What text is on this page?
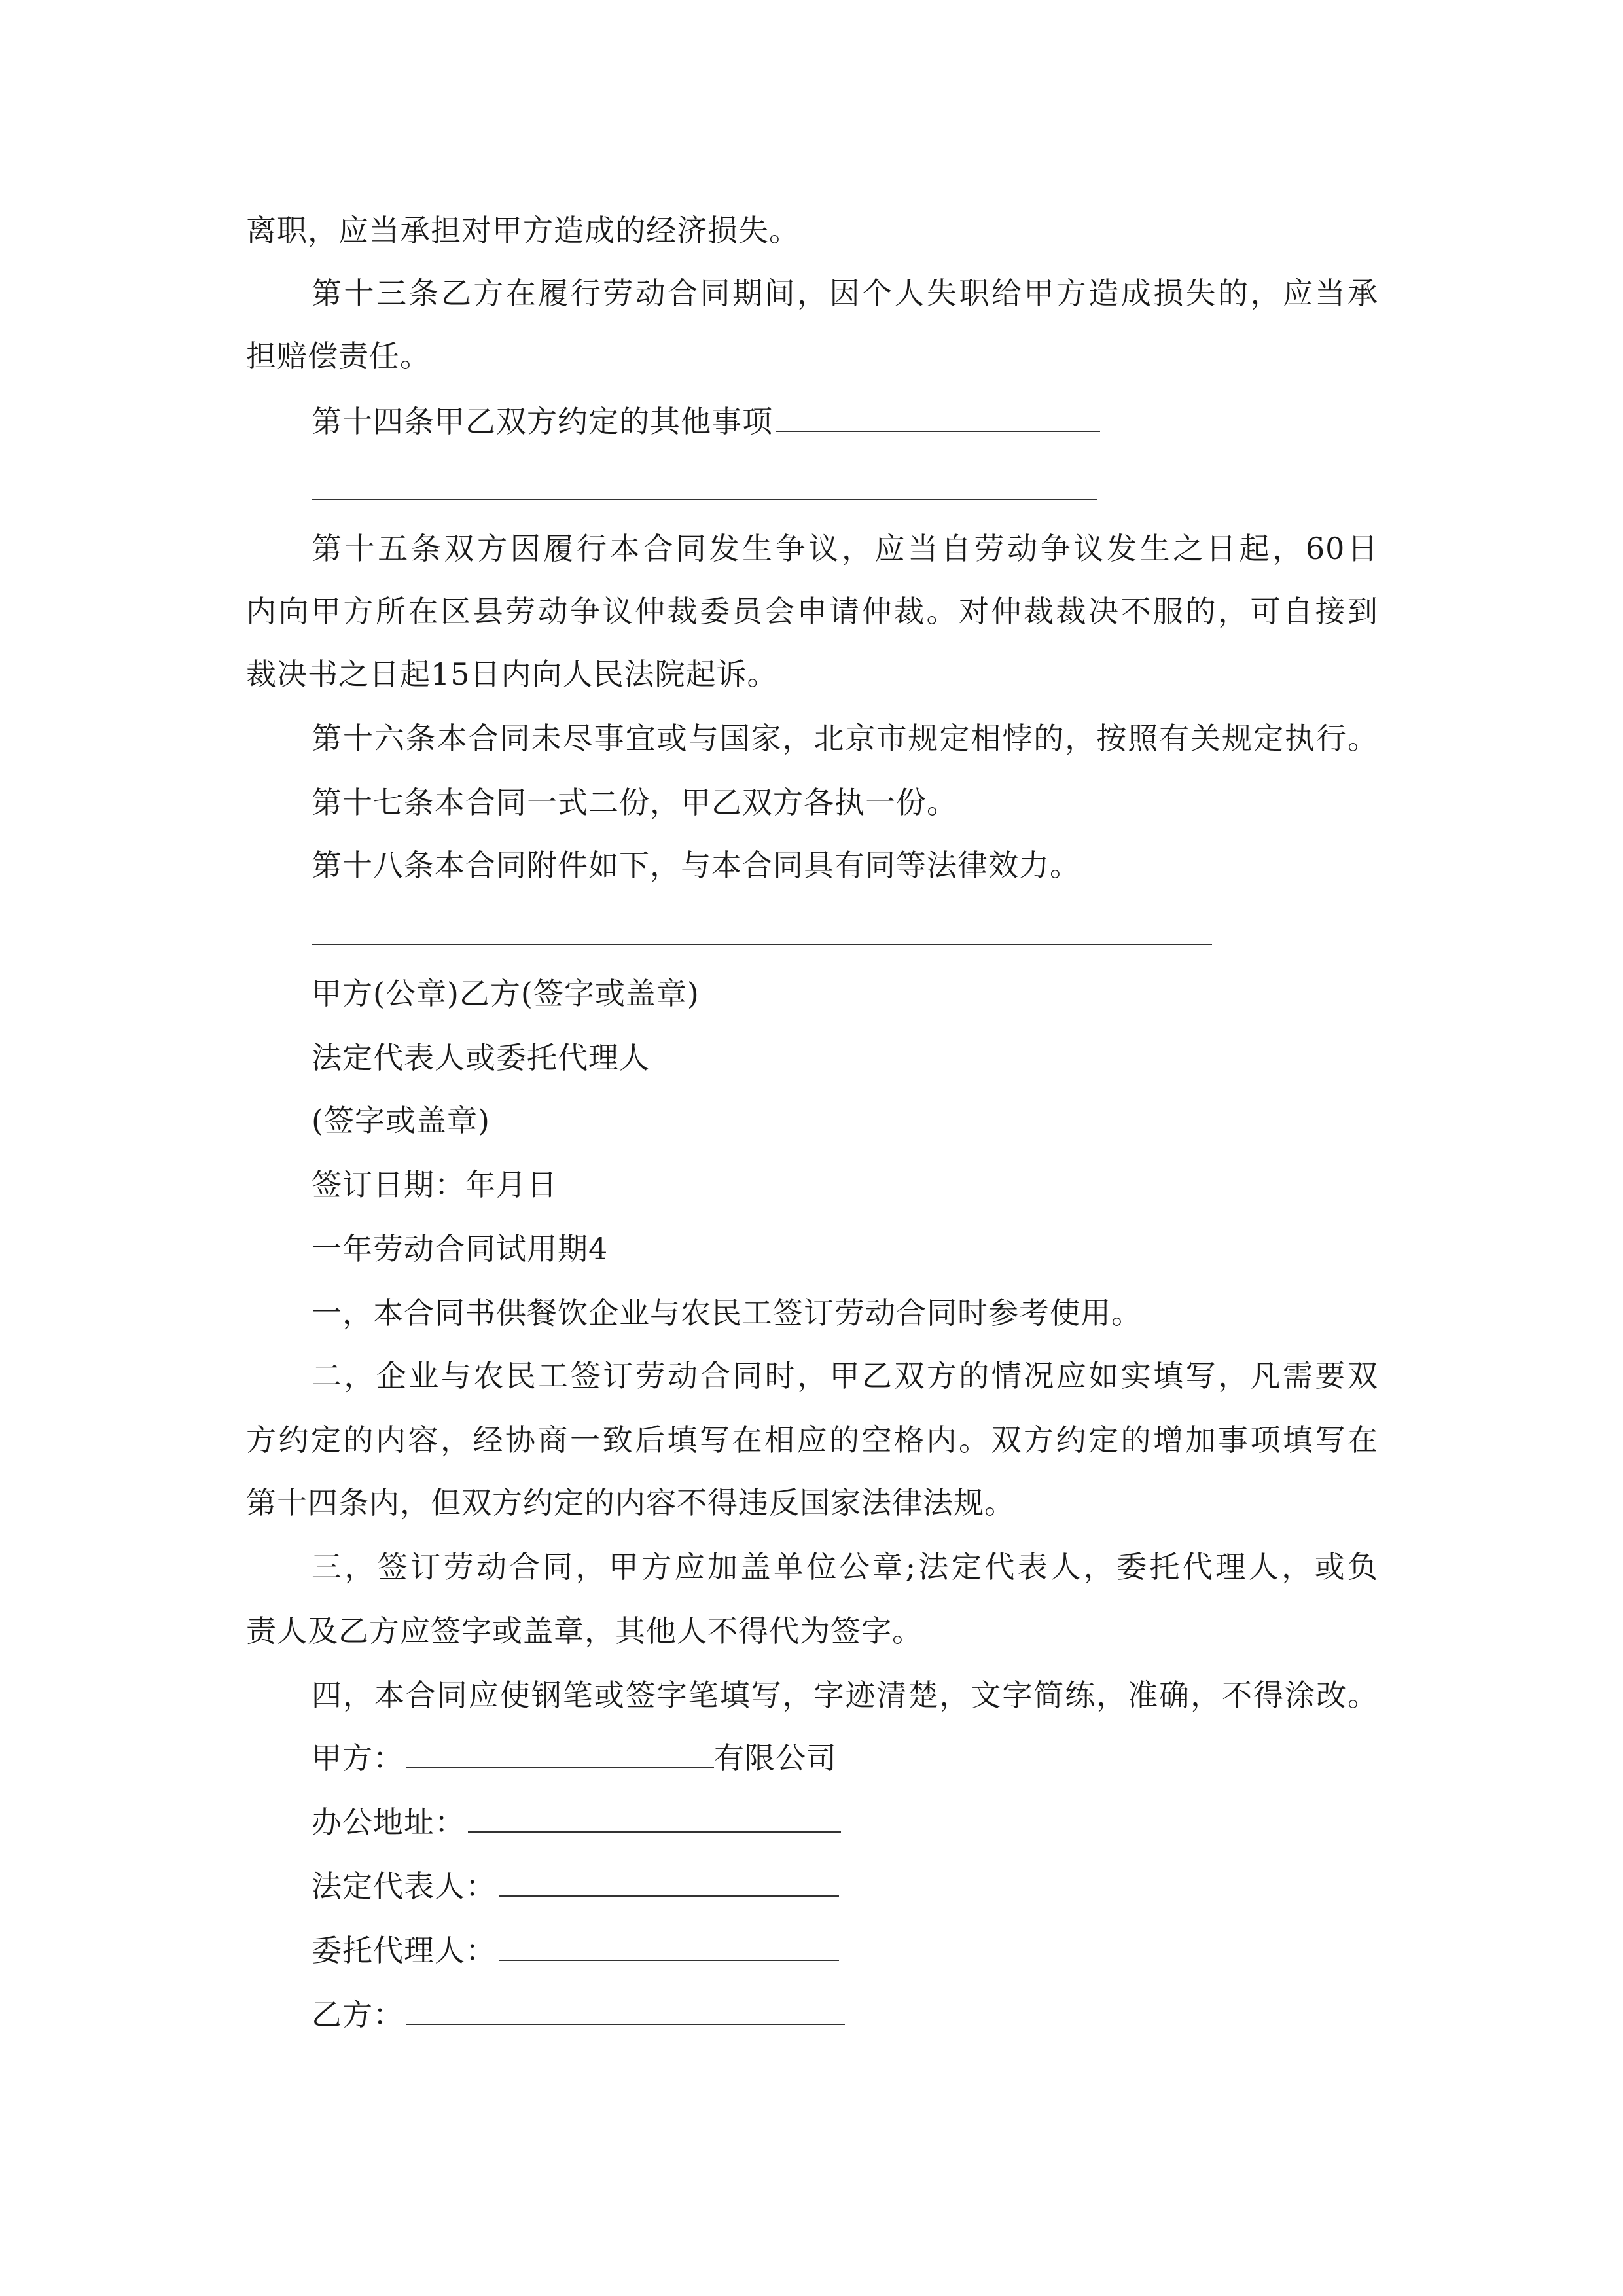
离职，应当承担对甲方造成的经济损失。
第十三条乙方在履行劳动合同期间，因个人失职给甲方造成损失的，应当承
担赔偿责任。
第十四条甲乙双方约定的其他事项
第十五条双方因履行本合同发生争议，应当自劳动争议发生之日起，60日
内向甲方所在区县劳动争议仲裁委员会申请仲裁。对仲裁裁决不服的，可自接到
裁决书之日起15日内向人民法院起诉。
第十六条本合同未尽事宜或与国家，北京市规定相悖的，按照有关规定执行。
第十七条本合同一式二份，甲乙双方各执一份。
第十八条本合同附件如下，与本合同具有同等法律效力。
甲方(公章)乙方(签字或盖章)
法定代表人或委托代理人
(签字或盖章)
签订日期：年月日
一年劳动合同试用期4
一，本合同书供餐饮企业与农民工签订劳动合同时参考使用。
二，企业与农民工签订劳动合同时，甲乙双方的情况应如实填写，凡需要双
方约定的内容，经协商一致后填写在相应的空格内。双方约定的增加事项填写在
第十四条内，但双方约定的内容不得违反国家法律法规。
三，签订劳动合同，甲方应加盖单位公章;法定代表人，委托代理人，或负
责人及乙方应签字或盖章，其他人不得代为签字。
四，本合同应使钢笔或签字笔填写，字迹清楚，文字简练，准确，不得涂改。
甲方：	有限公司
办公地址：
法定代表人：
委托代理人：
乙方：
